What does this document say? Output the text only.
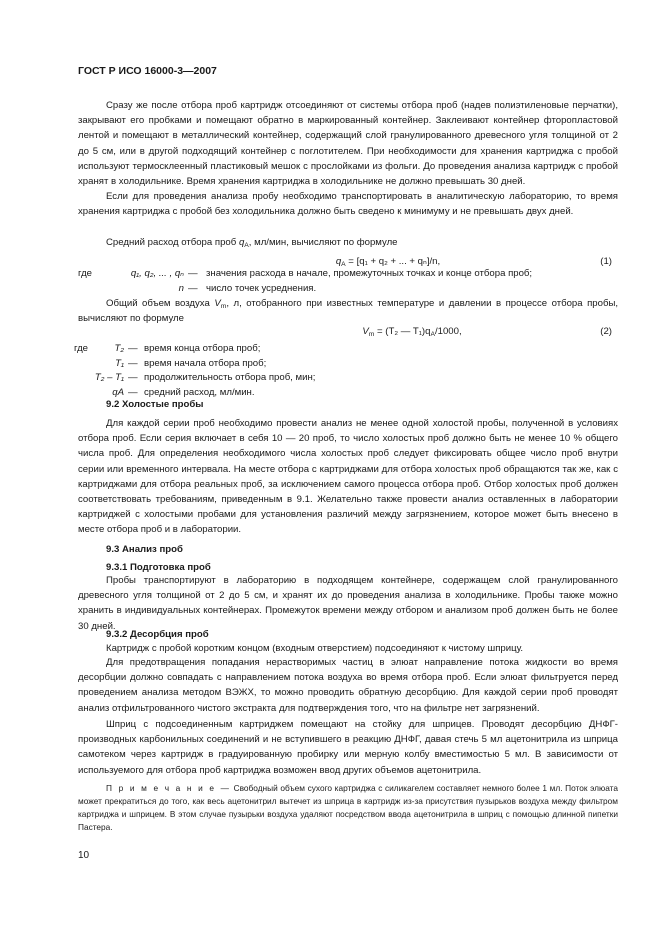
ГОСТ Р ИСО 16000-3—2007

Сразу же после отбора проб картридж отсоединяют от системы отбора проб (надев полиэтиленовые перчатки), закрывают его пробками и помещают обратно в маркированный контейнер. Заклеивают контейнер фторопластовой лентой и помещают в металлический контейнер, содержащий слой гранулированного древесного угля толщиной от 2 до 5 см, или в другой подходящий контейнер с поглотителем. При необходимости для хранения картриджа с пробой используют термосклеенный пластиковый мешок с прослойками из фольги. До проведения анализа картридж с пробой хранят в холодильнике. Время хранения картриджа в холодильнике не должно превышать 30 дней.

Если для проведения анализа пробу необходимо транспортировать в аналитическую лабораторию, то время хранения картриджа с пробой без холодильника должно быть сведено к минимуму и не превышать двух дней.

Средний расход отбора проб $q_A$, мл/мин, вычисляют по формуле

$q_A = [q_1 + q_2$ + ... + qₙ]/n,	(1)
где	q₁, q₂, ... , qₙ — значения расхода в начале, промежуточных точках и конце отбора проб;
n — число точек усреднения.

Общий объем воздуха $V_m$, л, отобранного при известных температуре и давлении в процессе отбора пробы, вычисляют по формуле

$V_m = (T_2$ — $T_1)q_A/1000$,	(2)
где	T₂ — время конца отбора проб;
T₁ — время начала отбора проб;
T₂ – T₁ — продолжительность отбора проб, мин;
qA — средний расход, мл/мин.
9.2 Холостые пробы

Для каждой серии проб необходимо провести анализ не менее одной холостой пробы, полученной в условиях отбора проб. Если серия включает в себя 10 — 20 проб, то число холостых проб должно быть не менее 10 % общего числа проб. Для определения необходимого числа холостых проб следует фиксировать общее число проб внутри серии или временного интервала. На месте отбора с картриджами для отбора холостых проб обращаются так же, как с картриджами для отбора реальных проб, за исключением самого процесса отбора проб. Отбор холостых проб должен соответствовать требованиям, приведенным в 9.1. Желательно также провести анализ оставленных в лаборатории картриджей с холостыми пробами для установления различий между загрязнением, которое может быть внесено в месте отбора проб и в лаборатории.

9.3 Анализ проб
9.3.1 Подготовка проб

Пробы транспортируют в лабораторию в подходящем контейнере, содержащем слой гранулированного древесного угля толщиной от 2 до 5 см, и хранят их до проведения анализа в холодильнике. Пробы также можно хранить в индивидуальных контейнерах. Промежуток времени между отбором и анализом проб должен быть не более 30 дней.

9.3.2 Десорбция проб

Картридж с пробой коротким концом (входным отверстием) подсоединяют к чистому шприцу.

Для предотвращения попадания нерастворимых частиц в элюат направление потока жидкости во время десорбции должно совпадать с направлением потока воздуха во время отбора проб. Если элюат фильтруется перед проведением анализа методом ВЭЖХ, то можно проводить обратную десорбцию. Для каждой серии проб проводят анализ отфильтрованного чистого экстракта для подтверждения того, что на фильтре нет загрязнений.

Шприц с подсоединенным картриджем помещают на стойку для шприцев. Проводят десорбцию ДНФГ-производных карбонильных соединений и не вступившего в реакцию ДНФГ, давая стечь 5 мл ацетонитрила из шприца самотеком через картридж в градуированную пробирку или мерную колбу вместимостью 5 мл. В зависимости от используемого для отбора проб картриджа возможен ввод других объемов ацетонитрила.

П р и м е ч а н и е — Свободный объем сухого картриджа с силикагелем составляет немного более 1 мл. Поток элюата может прекратиться до того, как весь ацетонитрил вытечет из шприца в картридж из-за присутствия пузырьков воздуха между фильтром картриджа и шприцем. В этом случае пузырьки воздуха удаляют посредством ввода ацетонитрила в шприц с помощью длинной пипетки Пастера.

10
